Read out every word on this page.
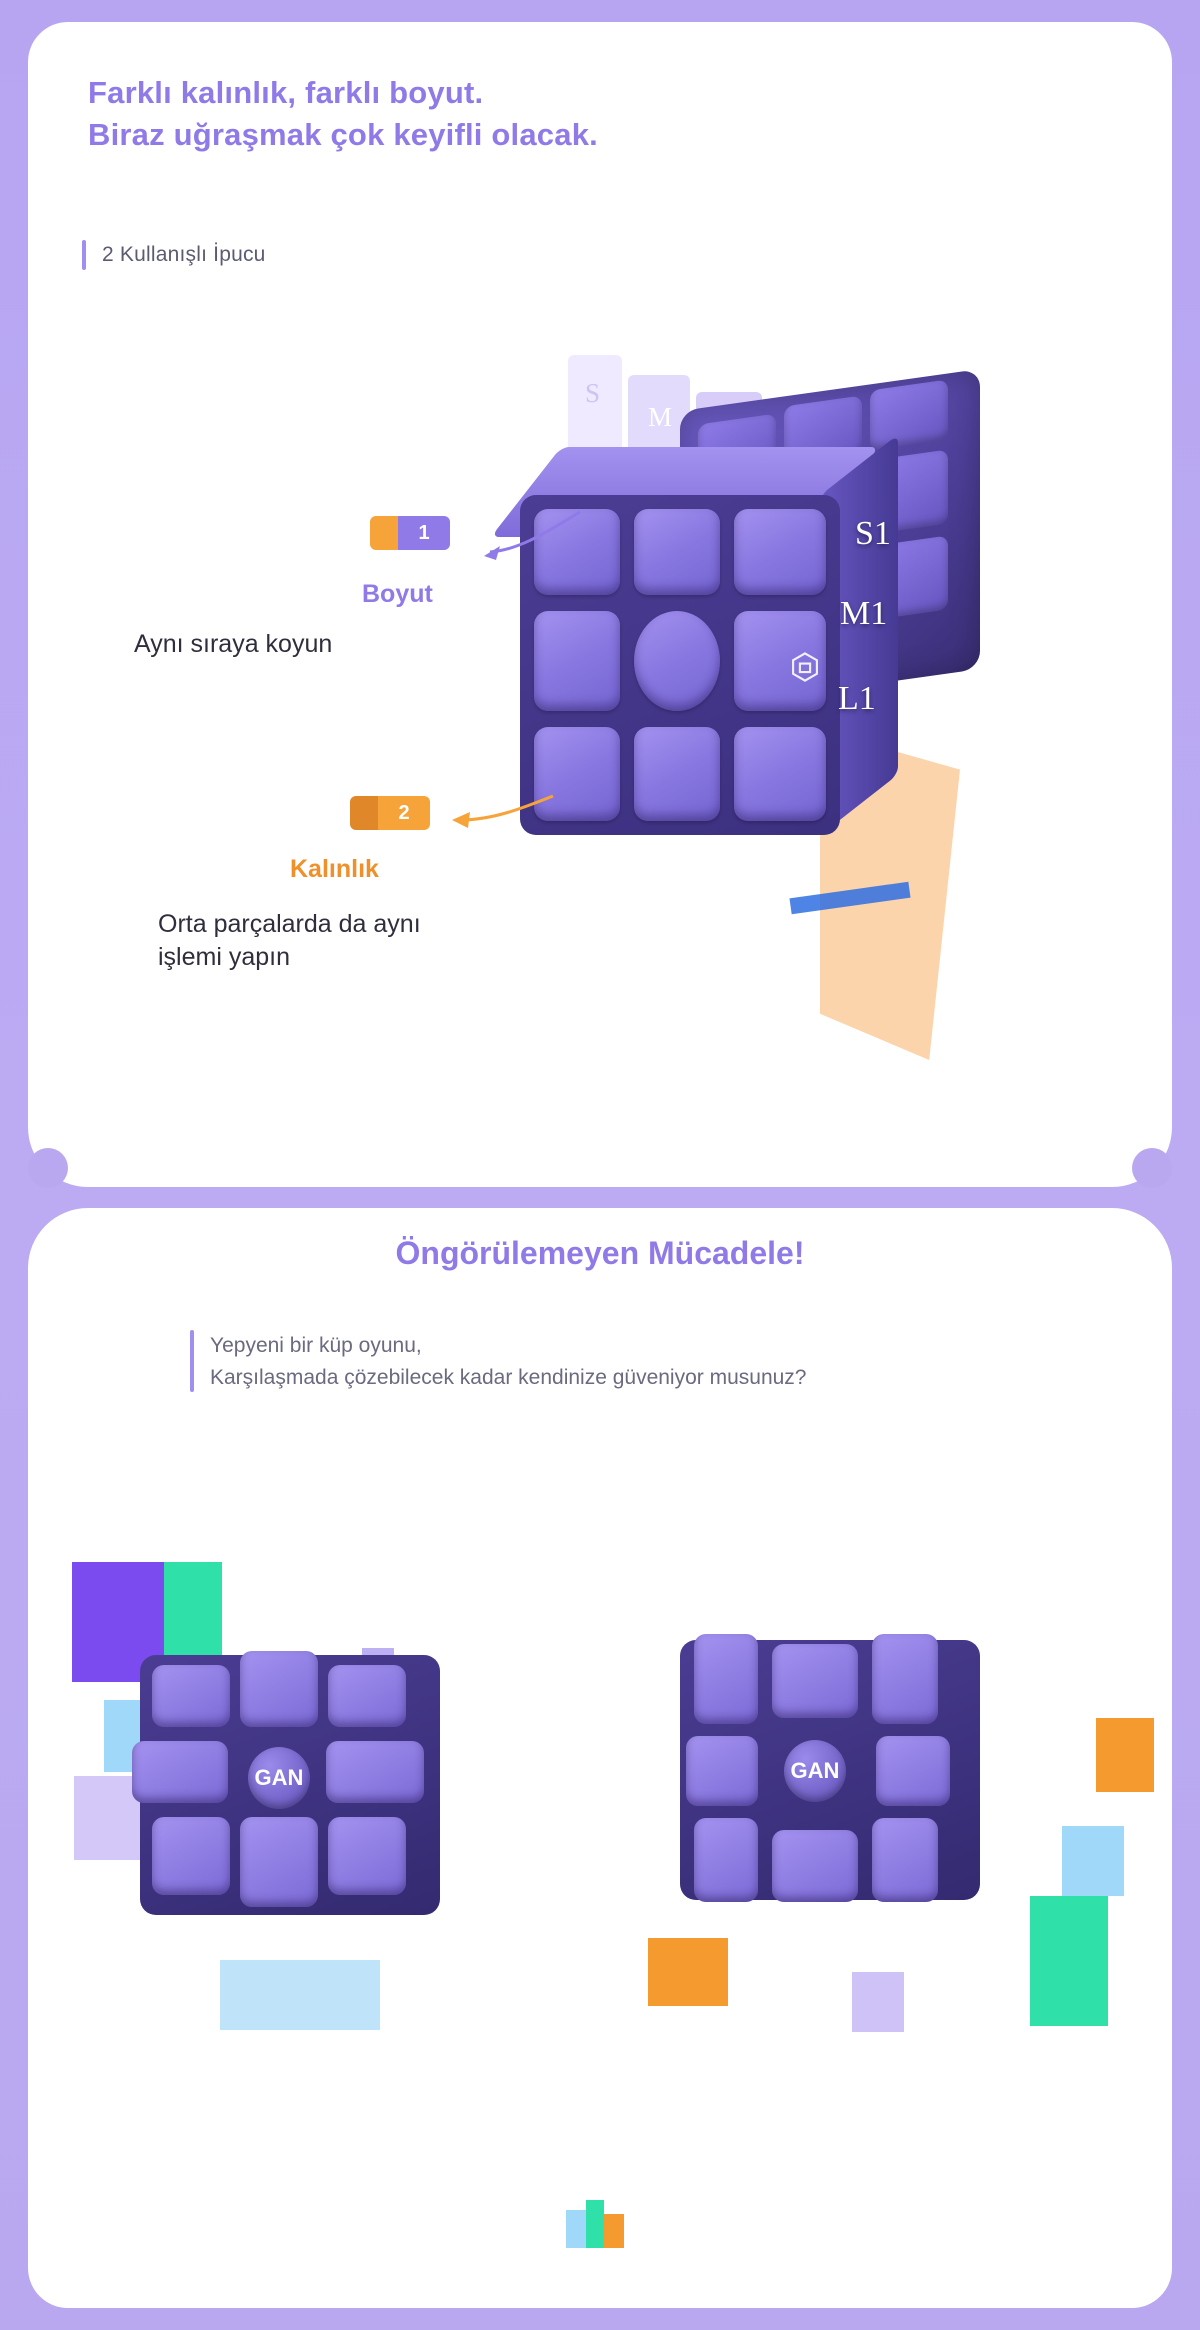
Farklı kalınlık, farklı boyut.
Biraz uğraşmak çok keyifli olacak.
2 Kullanışlı İpucu
S
M
S1
M1
L1
1
Boyut
Aynı sıraya koyun
2
Kalınlık
Orta parçalarda da aynı işlemi yapın
Öngörülemeyen Mücadele!
Yepyeni bir küp oyunu,
Karşılaşmada çözebilecek kadar kendinize güveniyor musunuz?
GAN	GAN
